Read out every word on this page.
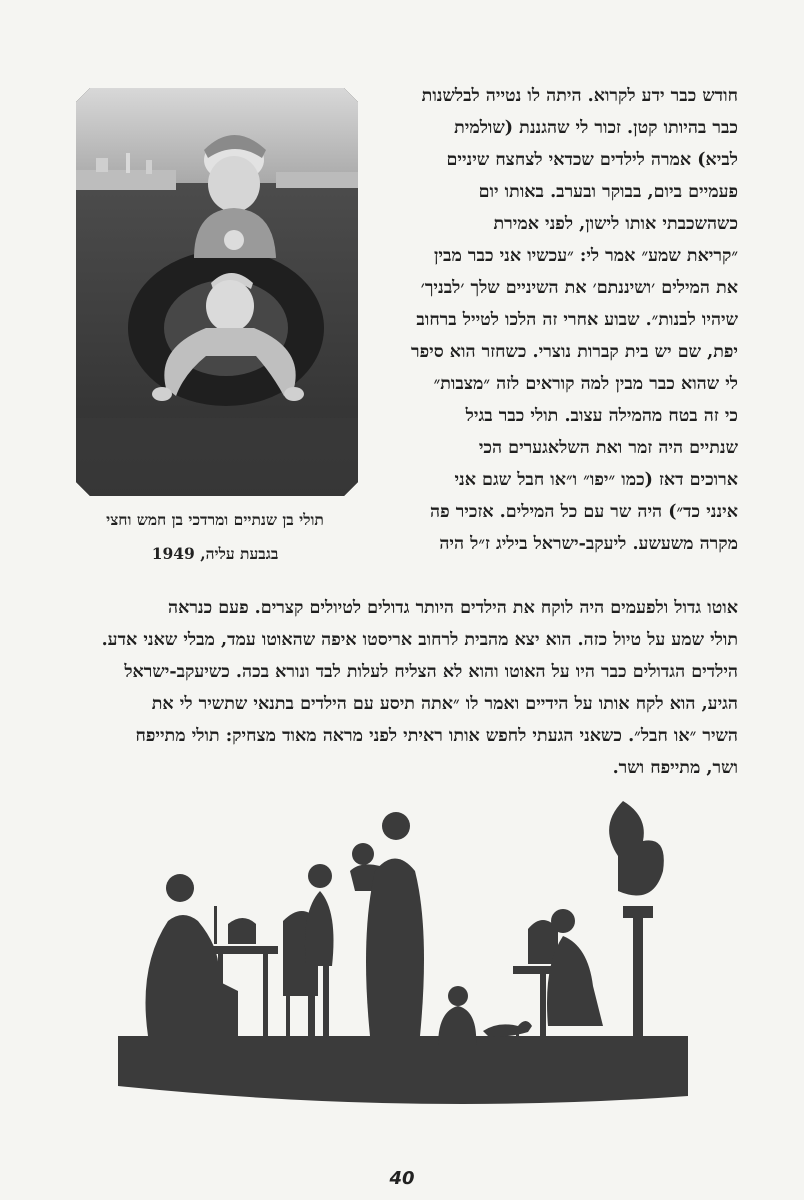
תולי בן שנתיים ומרדכי בן חמש וחצי
בגבעת עליה, 1949
חודש כבר ידע לקרוא. היתה לו נטייה לבלשנות
כבר בהיותו קטן. זכור לי שהגננת (שולמית
לביא) אמרה לילדים שכדאי לצחצח שיניים
פעמיים ביום, בבוקר ובערב. באותו יום
כשהשכבתי אותו לישון, לפני אמירת
״קריאת שמע״ אמר לי: ״עכשיו אני כבר מבין
את המילים ׳ושיננתם׳ את השיניים שלך ׳לבניך׳
שיהיו לבנות״. שבוע אחרי זה הלכו לטייל ברחוב
יפת, שם יש בית קברות נוצרי. כשחזר הוא סיפר
לי שהוא כבר מבין למה קוראים לזה ״מצבות״
כי זה בטח מהמילה עצוב. תולי כבר בגיל
שנתיים היה זמר ואת השלאגערים הכי
ארוכים דאז (כמו ״יפו״ ו״או חבל שגם אני
אינני כד״) היה שר עם כל המילים. אזכיר פה
מקרה משעשע. ליעקב-ישראל ביליג ז״ל היה
אוטו גדול ולפעמים היה לוקח את הילדים היותר גדולים לטיולים קצרים. פעם כנראה
תולי שמע על טיול כזה. הוא יצא מהבית לרחוב אריסטו איפה שהאוטו עמד, מבלי שאני אדע.
הילדים הגדולים כבר היו על האוטו והוא לא הצליח לעלות לבד ונורא בכה. כשיעקב-ישראל
הגיע, הוא לקח אותו על הידיים ואמר לו ״אתה תיסע עם הילדים בתנאי שתשיר לי את
השיר ״או חבל״. כשאני הגעתי לחפש אותו ראיתי לפני מראה מאוד מצחיק: תולי מתייפח
ושר, מתייפח ושר.
40
